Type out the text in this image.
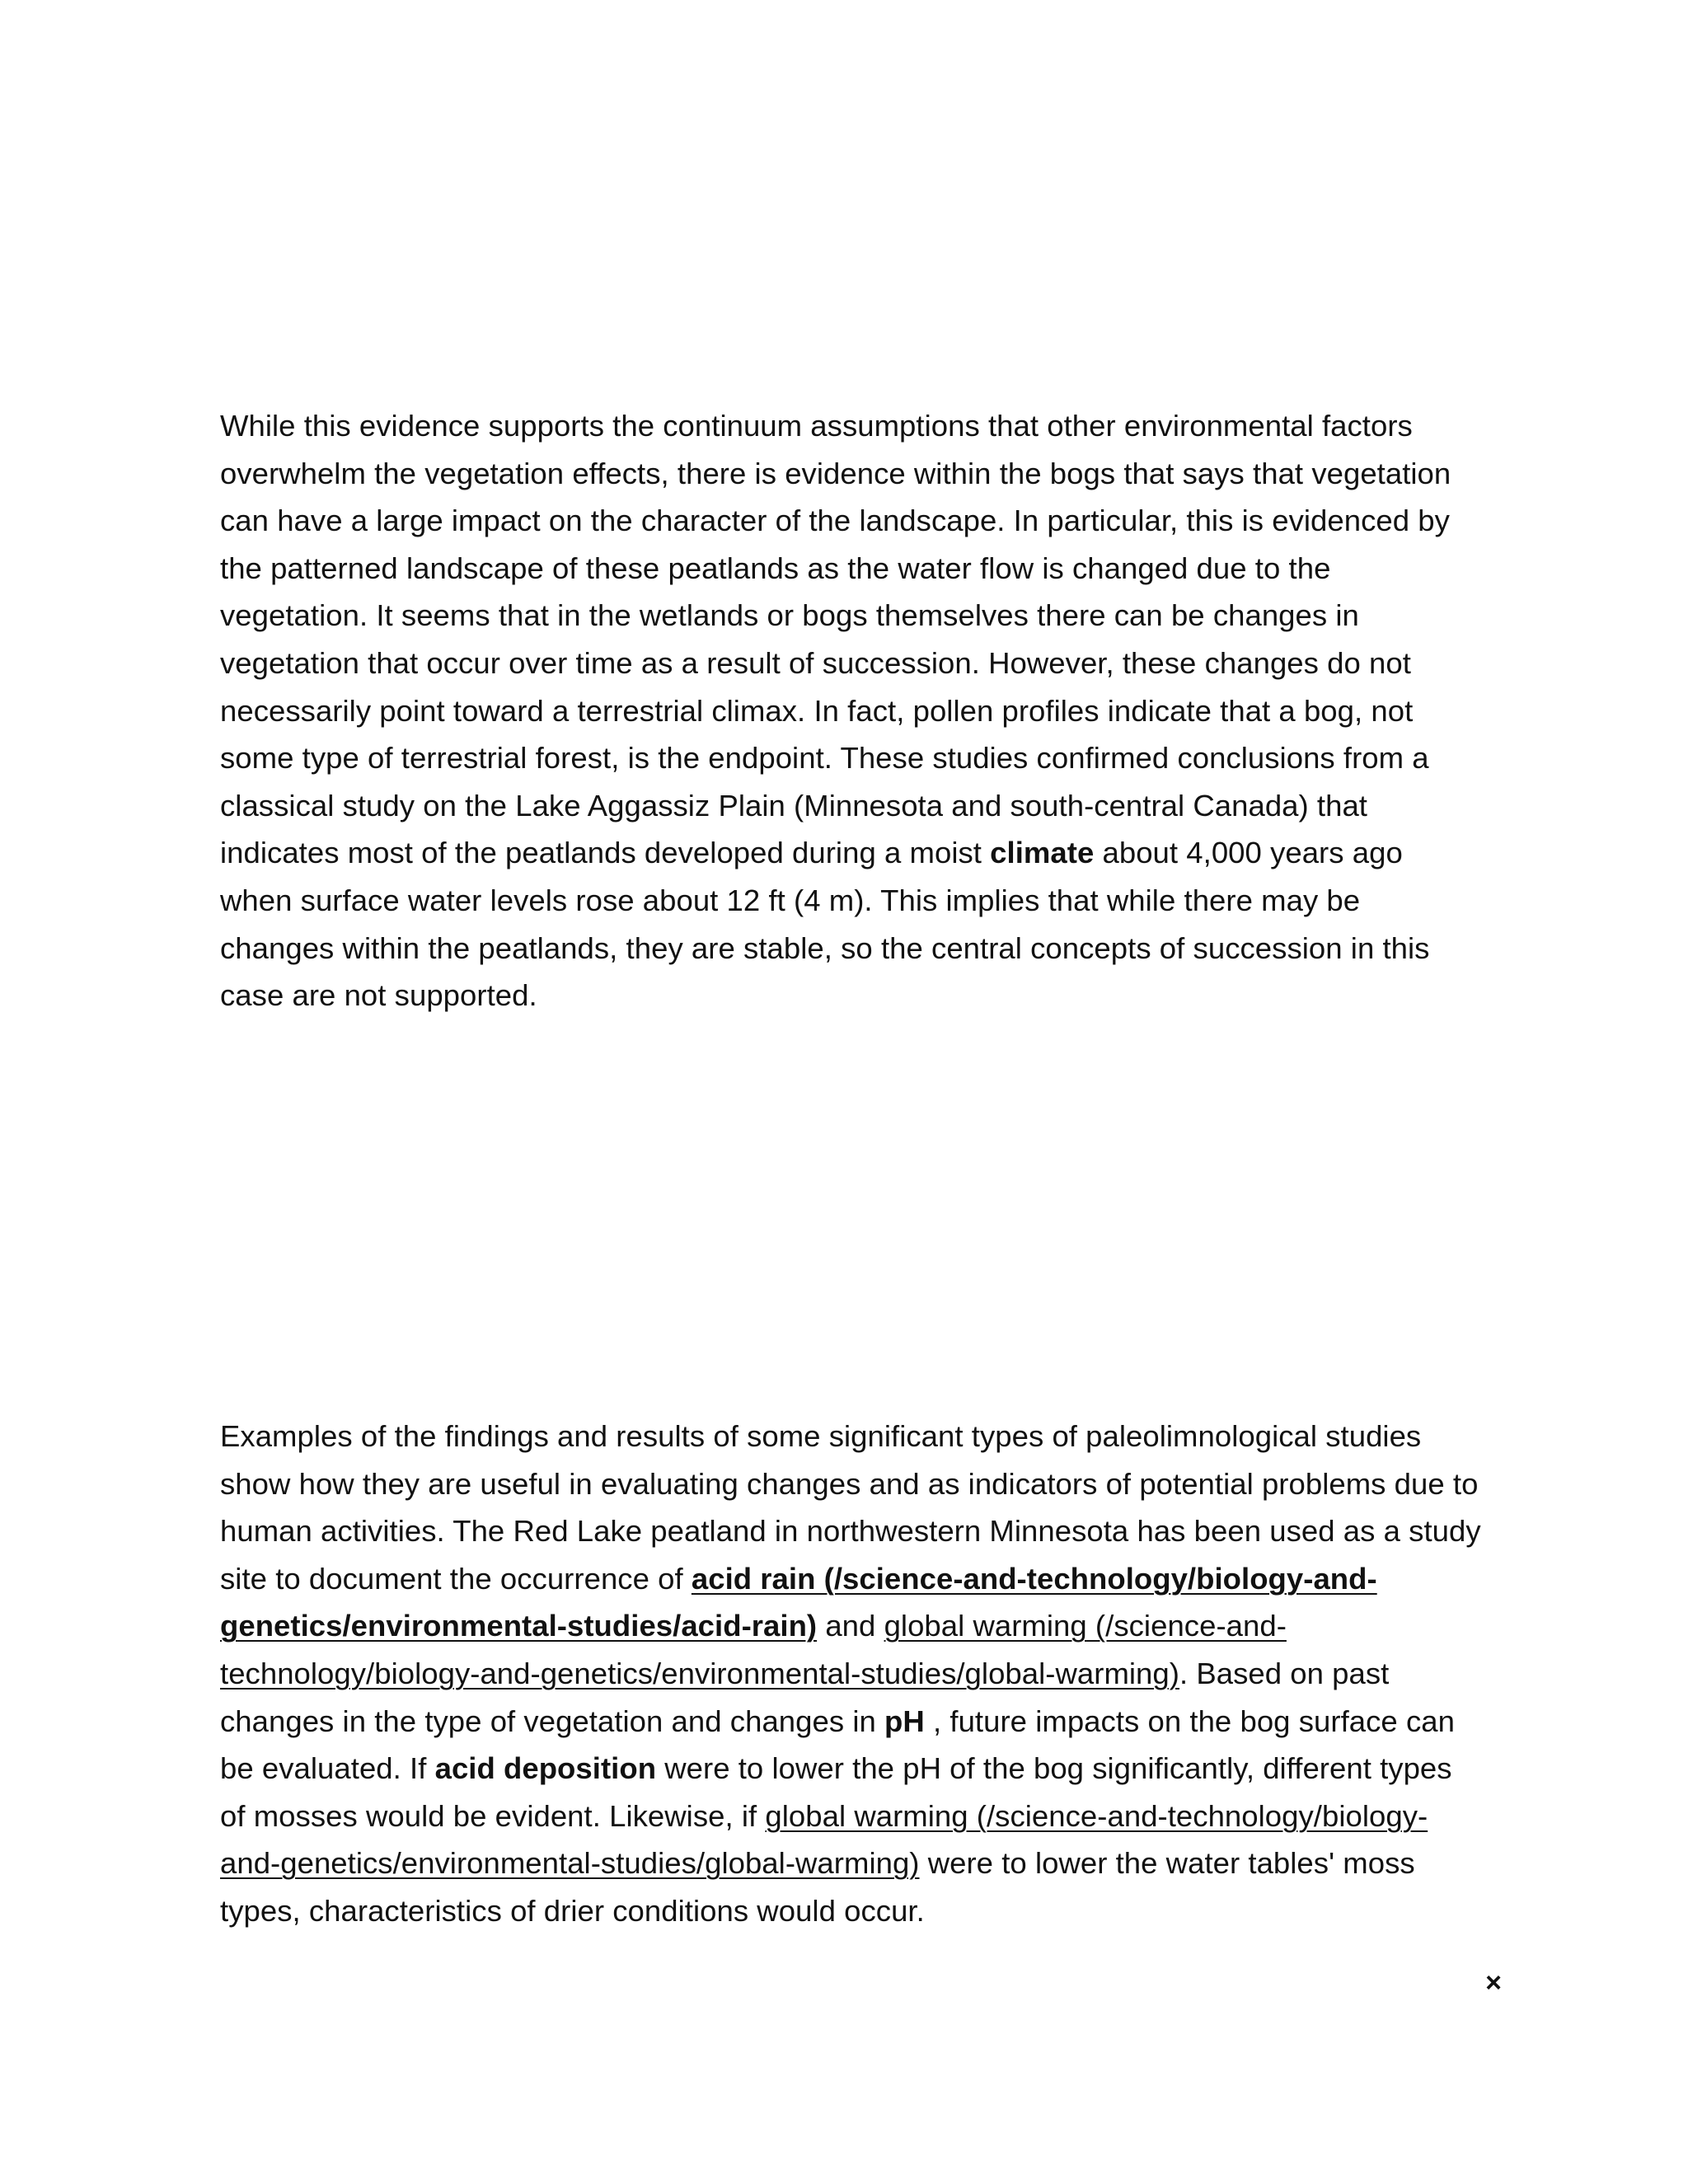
While this evidence supports the continuum assumptions that other environmental factors overwhelm the vegetation effects, there is evidence within the bogs that says that vegetation can have a large impact on the character of the landscape. In particular, this is evidenced by the patterned landscape of these peatlands as the water flow is changed due to the vegetation. It seems that in the wetlands or bogs themselves there can be changes in vegetation that occur over time as a result of succession. However, these changes do not necessarily point toward a terrestrial climax. In fact, pollen profiles indicate that a bog, not some type of terrestrial forest, is the endpoint. These studies confirmed conclusions from a classical study on the Lake Aggassiz Plain (Minnesota and south-central Canada) that indicates most of the peatlands developed during a moist climate about 4,000 years ago when surface water levels rose about 12 ft (4 m). This implies that while there may be changes within the peatlands, they are stable, so the central concepts of succession in this case are not supported.

Examples of the findings and results of some significant types of paleolimnological studies show how they are useful in evaluating changes and as indicators of potential problems due to human activities. The Red Lake peatland in northwestern Minnesota has been used as a study site to document the occurrence of acid rain (/science-and-technology/biology-and-genetics/environmental-studies/acid-rain) and global warming (/science-and-technology/biology-and-genetics/environmental-studies/global-warming). Based on past changes in the type of vegetation and changes in pH , future impacts on the bog surface can be evaluated. If acid deposition were to lower the pH of the bog significantly, different types of mosses would be evident. Likewise, if global warming (/science-and-technology/biology-and-genetics/environmental-studies/global-warming) were to lower the water tables' moss types, characteristics of drier conditions would occur.

×
